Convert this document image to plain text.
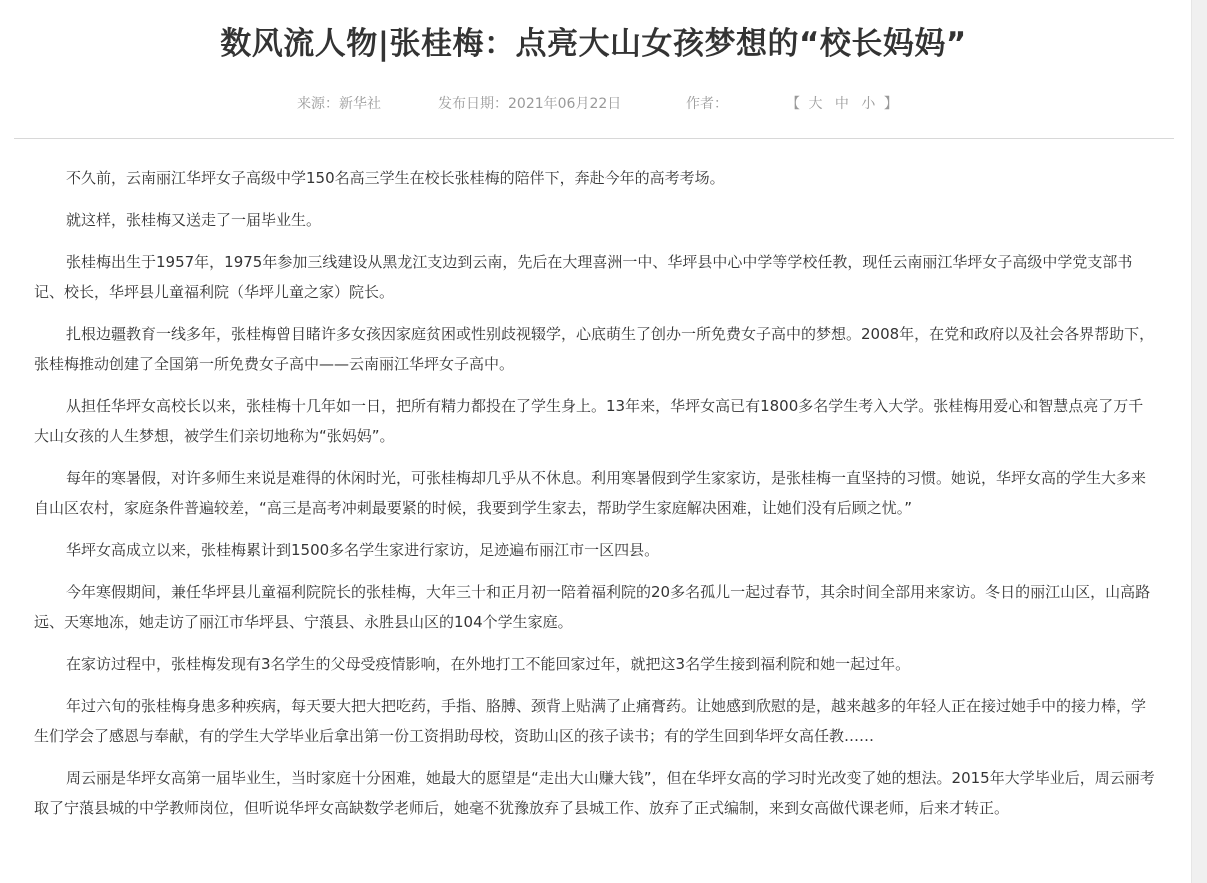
数风流人物|张桂梅：点亮大山女孩梦想的“校长妈妈”
来源：新华社	发布日期：2021年06月22日	作者：	【 大 中 小 】

不久前，云南丽江华坪女子高级中学150名高三学生在校长张桂梅的陪伴下，奔赴今年的高考考场。

就这样，张桂梅又送走了一届毕业生。

张桂梅出生于1957年，1975年参加三线建设从黑龙江支边到云南，先后在大理喜洲一中、华坪县中心中学等学校任教，现任云南丽江华坪女子高级中学党支部书记、校长，华坪县儿童福利院（华坪儿童之家）院长。

扎根边疆教育一线多年，张桂梅曾目睹许多女孩因家庭贫困或性别歧视辍学，心底萌生了创办一所免费女子高中的梦想。2008年，在党和政府以及社会各界帮助下，张桂梅推动创建了全国第一所免费女子高中——云南丽江华坪女子高中。

从担任华坪女高校长以来，张桂梅十几年如一日，把所有精力都投在了学生身上。13年来，华坪女高已有1800多名学生考入大学。张桂梅用爱心和智慧点亮了万千大山女孩的人生梦想，被学生们亲切地称为“张妈妈”。

每年的寒暑假，对许多师生来说是难得的休闲时光，可张桂梅却几乎从不休息。利用寒暑假到学生家家访，是张桂梅一直坚持的习惯。她说，华坪女高的学生大多来自山区农村，家庭条件普遍较差，“高三是高考冲刺最要紧的时候，我要到学生家去，帮助学生家庭解决困难，让她们没有后顾之忧。”

华坪女高成立以来，张桂梅累计到1500多名学生家进行家访，足迹遍布丽江市一区四县。

今年寒假期间，兼任华坪县儿童福利院院长的张桂梅，大年三十和正月初一陪着福利院的20多名孤儿一起过春节，其余时间全部用来家访。冬日的丽江山区，山高路远、天寒地冻，她走访了丽江市华坪县、宁蒗县、永胜县山区的104个学生家庭。

在家访过程中，张桂梅发现有3名学生的父母受疫情影响，在外地打工不能回家过年，就把这3名学生接到福利院和她一起过年。

年过六旬的张桂梅身患多种疾病，每天要大把大把吃药，手指、胳膊、颈背上贴满了止痛膏药。让她感到欣慰的是，越来越多的年轻人正在接过她手中的接力棒，学生们学会了感恩与奉献，有的学生大学毕业后拿出第一份工资捐助母校，资助山区的孩子读书；有的学生回到华坪女高任教……

周云丽是华坪女高第一届毕业生，当时家庭十分困难，她最大的愿望是“走出大山赚大钱”，但在华坪女高的学习时光改变了她的想法。2015年大学毕业后，周云丽考取了宁蒗县城的中学教师岗位，但听说华坪女高缺数学老师后，她毫不犹豫放弃了县城工作、放弃了正式编制，来到女高做代课老师，后来才转正。
